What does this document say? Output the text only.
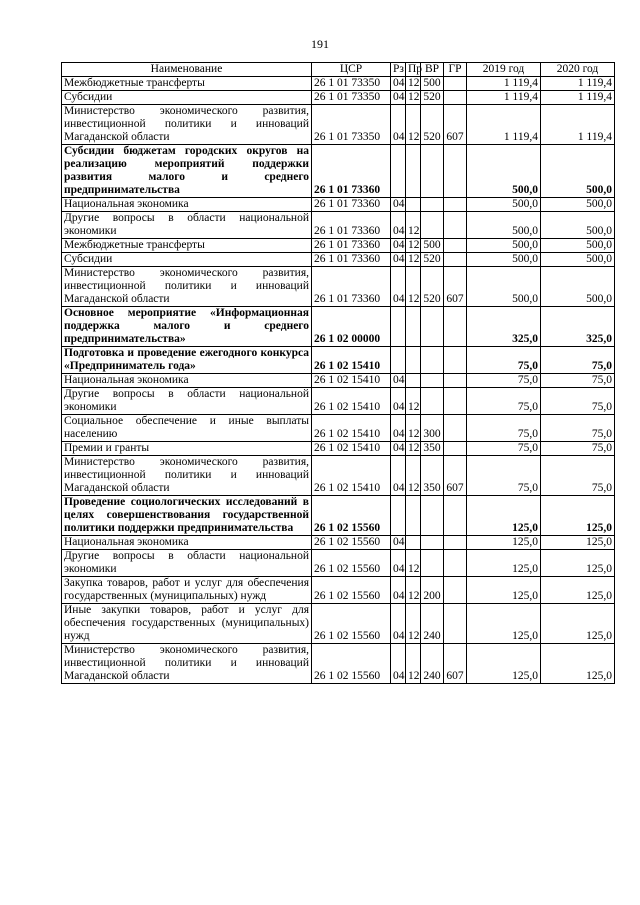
191
Наименование	ЦСР	Рз	Пр	ВР	ГР	2019 год	2020 год
Межбюджетные трансферты	26 1 01 73350	04	12	500		1 119,4	1 119,4
Субсидии	26 1 01 73350	04	12	520		1 119,4	1 119,4
Министерство экономического развития, инвестиционной политики и инноваций Магаданской области	26 1 01 73350	04	12	520	607	1 119,4	1 119,4
Субсидии бюджетам городских округов на реализацию мероприятий поддержки развития малого и среднего предпринимательства	26 1 01 73360					500,0	500,0
Национальная экономика	26 1 01 73360	04				500,0	500,0
Другие вопросы в области национальной экономики	26 1 01 73360	04	12			500,0	500,0
Межбюджетные трансферты	26 1 01 73360	04	12	500		500,0	500,0
Субсидии	26 1 01 73360	04	12	520		500,0	500,0
Министерство экономического развития, инвестиционной политики и инноваций Магаданской области	26 1 01 73360	04	12	520	607	500,0	500,0
Основное мероприятие «Информационная поддержка малого и среднего предпринимательства»	26 1 02 00000					325,0	325,0
Подготовка и проведение ежегодного конкурса «Предприниматель года»	26 1 02 15410					75,0	75,0
Национальная экономика	26 1 02 15410	04				75,0	75,0
Другие вопросы в области национальной экономики	26 1 02 15410	04	12			75,0	75,0
Социальное обеспечение и иные выплаты населению	26 1 02 15410	04	12	300		75,0	75,0
Премии и гранты	26 1 02 15410	04	12	350		75,0	75,0
Министерство экономического развития, инвестиционной политики и инноваций Магаданской области	26 1 02 15410	04	12	350	607	75,0	75,0
Проведение социологических исследований в целях совершенствования государственной политики поддержки предпринимательства	26 1 02 15560					125,0	125,0
Национальная экономика	26 1 02 15560	04				125,0	125,0
Другие вопросы в области национальной экономики	26 1 02 15560	04	12			125,0	125,0
Закупка товаров, работ и услуг для обеспечения государственных (муниципальных) нужд	26 1 02 15560	04	12	200		125,0	125,0
Иные закупки товаров, работ и услуг для обеспечения государственных (муниципальных) нужд	26 1 02 15560	04	12	240		125,0	125,0
Министерство экономического развития, инвестиционной политики и инноваций Магаданской области	26 1 02 15560	04	12	240	607	125,0	125,0
